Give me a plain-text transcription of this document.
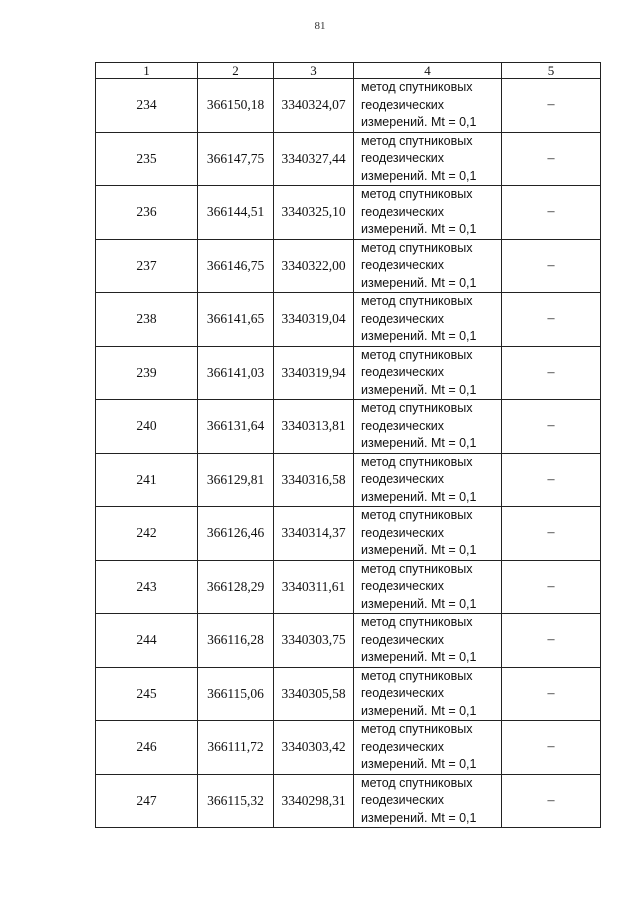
81
1	2	3	4	5
234	366150,18	3340324,07	метод спутниковых
геодезических
измерений. Mt = 0,1	–
235	366147,75	3340327,44	метод спутниковых
геодезических
измерений. Mt = 0,1	–
236	366144,51	3340325,10	метод спутниковых
геодезических
измерений. Mt = 0,1	–
237	366146,75	3340322,00	метод спутниковых
геодезических
измерений. Mt = 0,1	–
238	366141,65	3340319,04	метод спутниковых
геодезических
измерений. Mt = 0,1	–
239	366141,03	3340319,94	метод спутниковых
геодезических
измерений. Mt = 0,1	–
240	366131,64	3340313,81	метод спутниковых
геодезических
измерений. Mt = 0,1	–
241	366129,81	3340316,58	метод спутниковых
геодезических
измерений. Mt = 0,1	–
242	366126,46	3340314,37	метод спутниковых
геодезических
измерений. Mt = 0,1	–
243	366128,29	3340311,61	метод спутниковых
геодезических
измерений. Mt = 0,1	–
244	366116,28	3340303,75	метод спутниковых
геодезических
измерений. Mt = 0,1	–
245	366115,06	3340305,58	метод спутниковых
геодезических
измерений. Mt = 0,1	–
246	366111,72	3340303,42	метод спутниковых
геодезических
измерений. Mt = 0,1	–
247	366115,32	3340298,31	метод спутниковых
геодезических
измерений. Mt = 0,1	–
